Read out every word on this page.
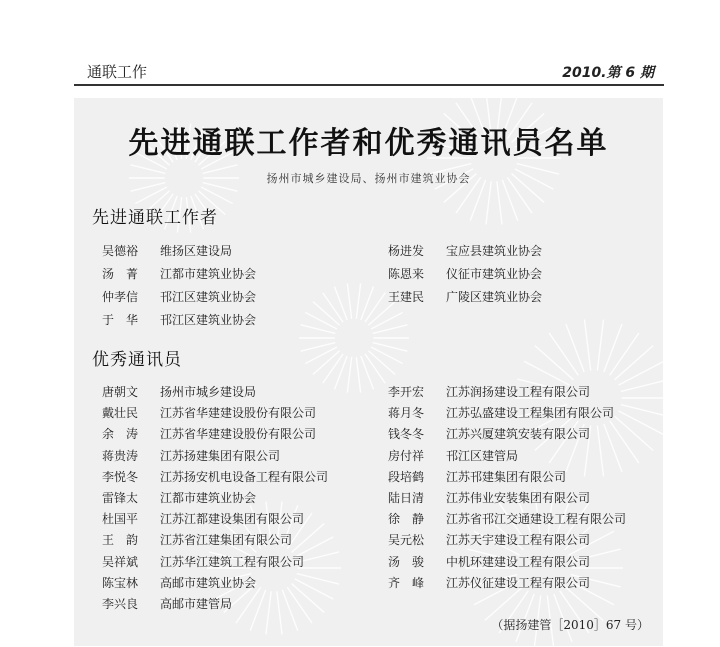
通联工作	2010.第 6 期
先进通联工作者和优秀通讯员名单
扬州市城乡建设局、扬州市建筑业协会
先进通联工作者
吴德裕 维扬区建设局
汤　菁 江都市建筑业协会
仲孝信 邗江区建筑业协会
于　华 邗江区建筑业协会
杨进发 宝应县建筑业协会
陈恩来 仪征市建筑业协会
王建民 广陵区建筑业协会
优秀通讯员
唐朝文 扬州市城乡建设局
戴壮民 江苏省华建建设股份有限公司
余　涛 江苏省华建建设股份有限公司
蒋贵涛 江苏扬建集团有限公司
李悦冬 江苏扬安机电设备工程有限公司
雷锋太 江都市建筑业协会
杜国平 江苏江都建设集团有限公司
王　韵 江苏省江建集团有限公司
吴祥斌 江苏华江建筑工程有限公司
陈宝林 高邮市建筑业协会
李兴良 高邮市建管局
李开宏 江苏润扬建设工程有限公司
蒋月冬 江苏弘盛建设工程集团有限公司
钱冬冬 江苏兴厦建筑安装有限公司
房付祥 邗江区建管局
段培鹤 江苏邗建集团有限公司
陆日清 江苏伟业安装集团有限公司
徐　静 江苏省邗江交通建设工程有限公司
吴元松 江苏天宇建设工程有限公司
汤　骏 中机环建建设工程有限公司
齐　峰 江苏仪征建设工程有限公司
（据扬建管［2010］67 号）
